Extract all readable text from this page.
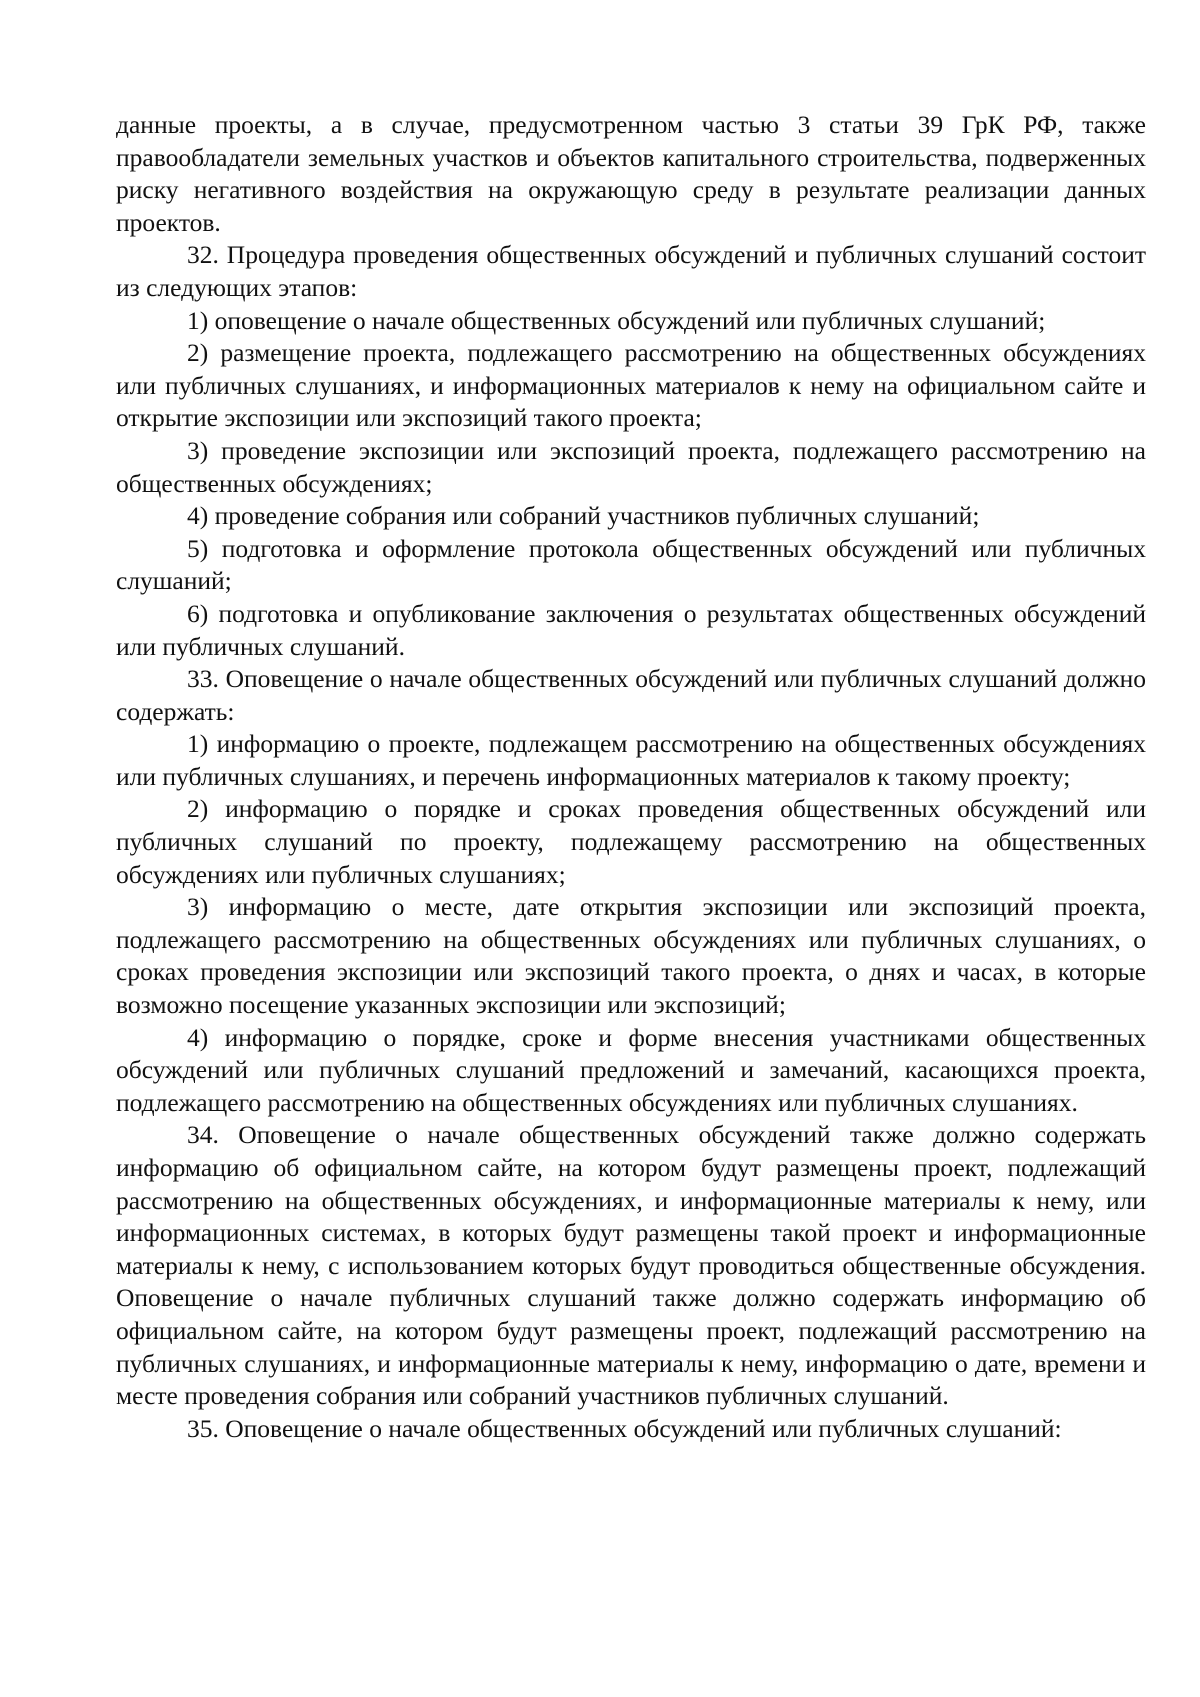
данные проекты, а в случае, предусмотренном частью 3 статьи 39 ГрК РФ, также правообладатели земельных участков и объектов капитального строительства, подверженных риску негативного воздействия на окружающую среду в результате реализации данных проектов.

32. Процедура проведения общественных обсуждений и публичных слушаний состоит из следующих этапов:

1) оповещение о начале общественных обсуждений или публичных слушаний;

2) размещение проекта, подлежащего рассмотрению на общественных обсуждениях или публичных слушаниях, и информационных материалов к нему на официальном сайте и открытие экспозиции или экспозиций такого проекта;

3) проведение экспозиции или экспозиций проекта, подлежащего рассмотрению на общественных обсуждениях;

4) проведение собрания или собраний участников публичных слушаний;

5) подготовка и оформление протокола общественных обсуждений или публичных слушаний;

6) подготовка и опубликование заключения о результатах общественных обсуждений или публичных слушаний.

33. Оповещение о начале общественных обсуждений или публичных слушаний должно содержать:

1) информацию о проекте, подлежащем рассмотрению на общественных обсуждениях или публичных слушаниях, и перечень информационных материалов к такому проекту;

2) информацию о порядке и сроках проведения общественных обсуждений или публичных слушаний по проекту, подлежащему рассмотрению на общественных обсуждениях или публичных слушаниях;

3) информацию о месте, дате открытия экспозиции или экспозиций проекта, подлежащего рассмотрению на общественных обсуждениях или публичных слушаниях, о сроках проведения экспозиции или экспозиций такого проекта, о днях и часах, в которые возможно посещение указанных экспозиции или экспозиций;

4) информацию о порядке, сроке и форме внесения участниками общественных обсуждений или публичных слушаний предложений и замечаний, касающихся проекта, подлежащего рассмотрению на общественных обсуждениях или публичных слушаниях.

34. Оповещение о начале общественных обсуждений также должно содержать информацию об официальном сайте, на котором будут размещены проект, подлежащий рассмотрению на общественных обсуждениях, и информационные материалы к нему, или информационных системах, в которых будут размещены такой проект и информационные материалы к нему, с использованием которых будут проводиться общественные обсуждения. Оповещение о начале публичных слушаний также должно содержать информацию об официальном сайте, на котором будут размещены проект, подлежащий рассмотрению на публичных слушаниях, и информационные материалы к нему, информацию о дате, времени и месте проведения собрания или собраний участников публичных слушаний.

35. Оповещение о начале общественных обсуждений или публичных слушаний:
